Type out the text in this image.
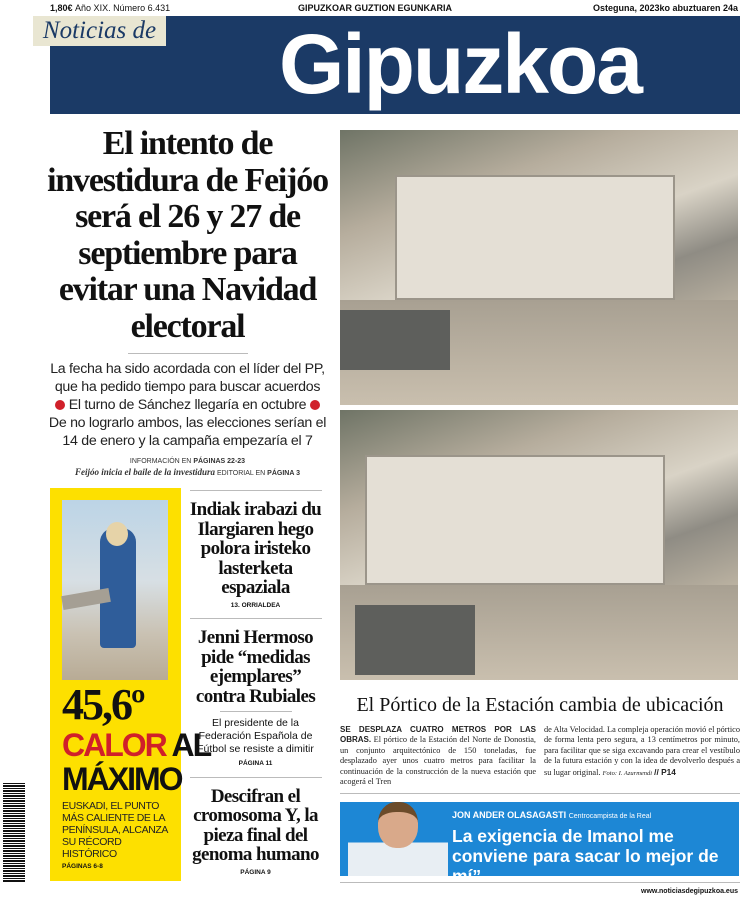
1,80€ Año XIX. Número 6.431	GIPUZKOAR GUZTION EGUNKARIA	Osteguna, 2023ko abuztuaren 24a
Gipuzkoa
Noticias de
El intento de investidura de Feijóo será el 26 y 27 de septiembre para evitar una Navidad electoral
La fecha ha sido acordada con el líder del PP, que ha pedido tiempo para buscar acuerdos
El turno de Sánchez llegaría en octubre
De no lograrlo ambos, las elecciones serían el 14 de enero y la campaña empezaría el 7
INFORMACIÓN EN PÁGINAS 22-23
Feijóo inicia el baile de la investidura EDITORIAL EN PÁGINA 3
45,6º
CALOR AL
MÁXIMO
EUSKADI, EL PUNTO MÁS CALIENTE DE LA PENÍNSULA, ALCANZA SU RÉCORD HISTÓRICO
PÁGINAS 6-8
Indiak irabazi du Ilargiaren hego polora iristeko lasterketa espaziala
13. ORRIALDEA
Jenni Hermoso pide “medidas ejemplares” contra Rubiales
El presidente de la Federación Española de Fútbol se resiste a dimitir
PÁGINA 11
Descifran el cromosoma Y, la pieza final del genoma humano
PÁGINA 9
El Pórtico de la Estación cambia de ubicación
SE DESPLAZA CUATRO METROS POR LAS OBRAS. El pórtico de la Estación del Norte de Donostia, un conjunto arquitectónico de 150 toneladas, fue desplazado ayer unos cuatro metros para facilitar la continuación de la construcción de la nueva estación que acogerá el Tren
de Alta Velocidad. La compleja operación movió el pórtico de forma lenta pero segura, a 13 centímetros por minuto, para facilitar que se siga excavando para crear el vestíbulo de la futura estación y con la idea de devolverlo después a su lugar original. Foto: I. Azurmendi // P14
JON ANDER OLASAGASTI Centrocampista de la Real
La exigencia de Imanol me conviene para sacar lo mejor de mí” // ENTREVISTA EN P32-34
www.noticiasdegipuzkoa.eus
